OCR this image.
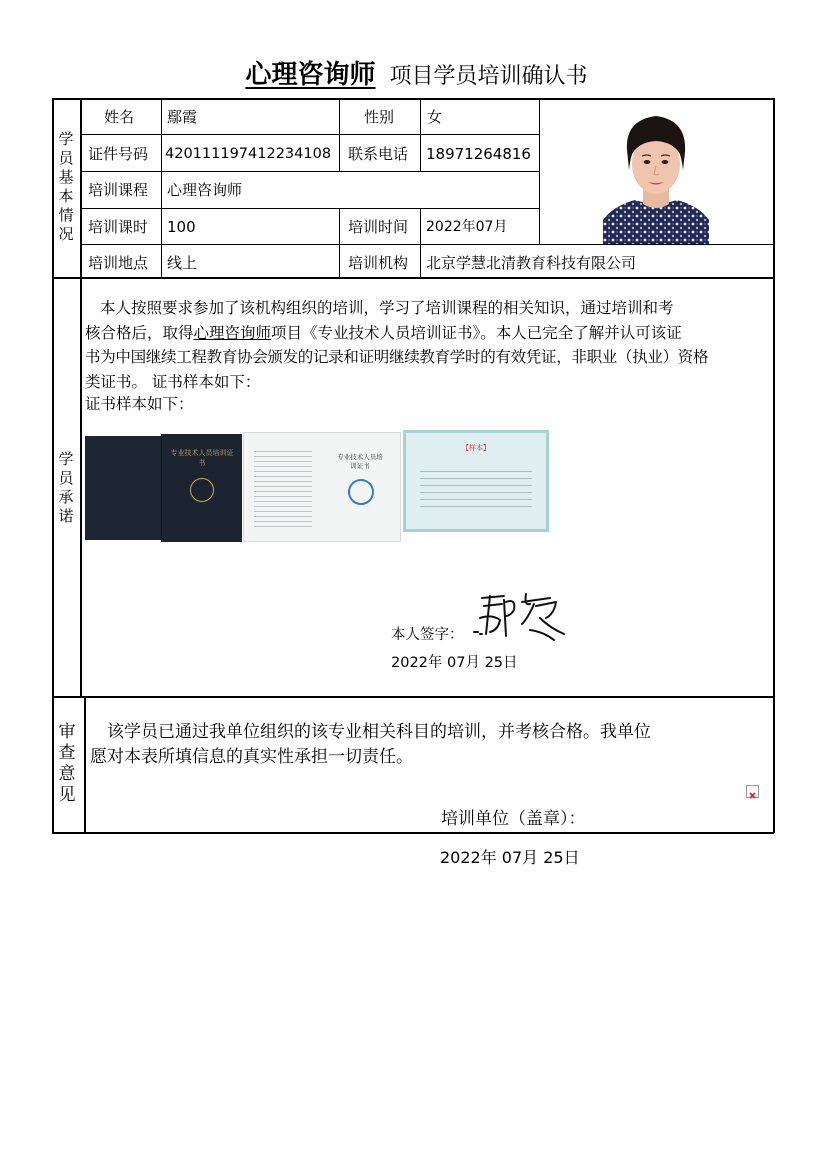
心理咨询师 项目学员培训确认书
学
员
基
本
情
况
学
员
承
诺
审
查
意
见
姓名 鄢霞	性别 女
证件号码 420111197412234108 联系电话 18971264816
培训课程 心理咨询师
培训课时 100	培训时间 2022年07月
培训地点 线上	培训机构 北京学慧北清教育科技有限公司
本人按照要求参加了该机构组织的培训，学习了培训课程的相关知识，通过培训和考
核合格后，取得心理咨询师项目《专业技术人员培训证书》。本人已完全了解并认可该证
书为中国继续工程教育协会颁发的记录和证明继续教育学时的有效凭证，非职业（执业）资格
类证书。 证书样本如下：
证书样本如下：
专业技术人员培训证书
专业技术人员培训证书
【样本】
本人签字：
2022年 07月 25日
该学员已通过我单位组织的该专业相关科目的培训，并考核合格。我单位
愿对本表所填信息的真实性承担一切责任。
培训单位（盖章）：
2022年 07月 25日
